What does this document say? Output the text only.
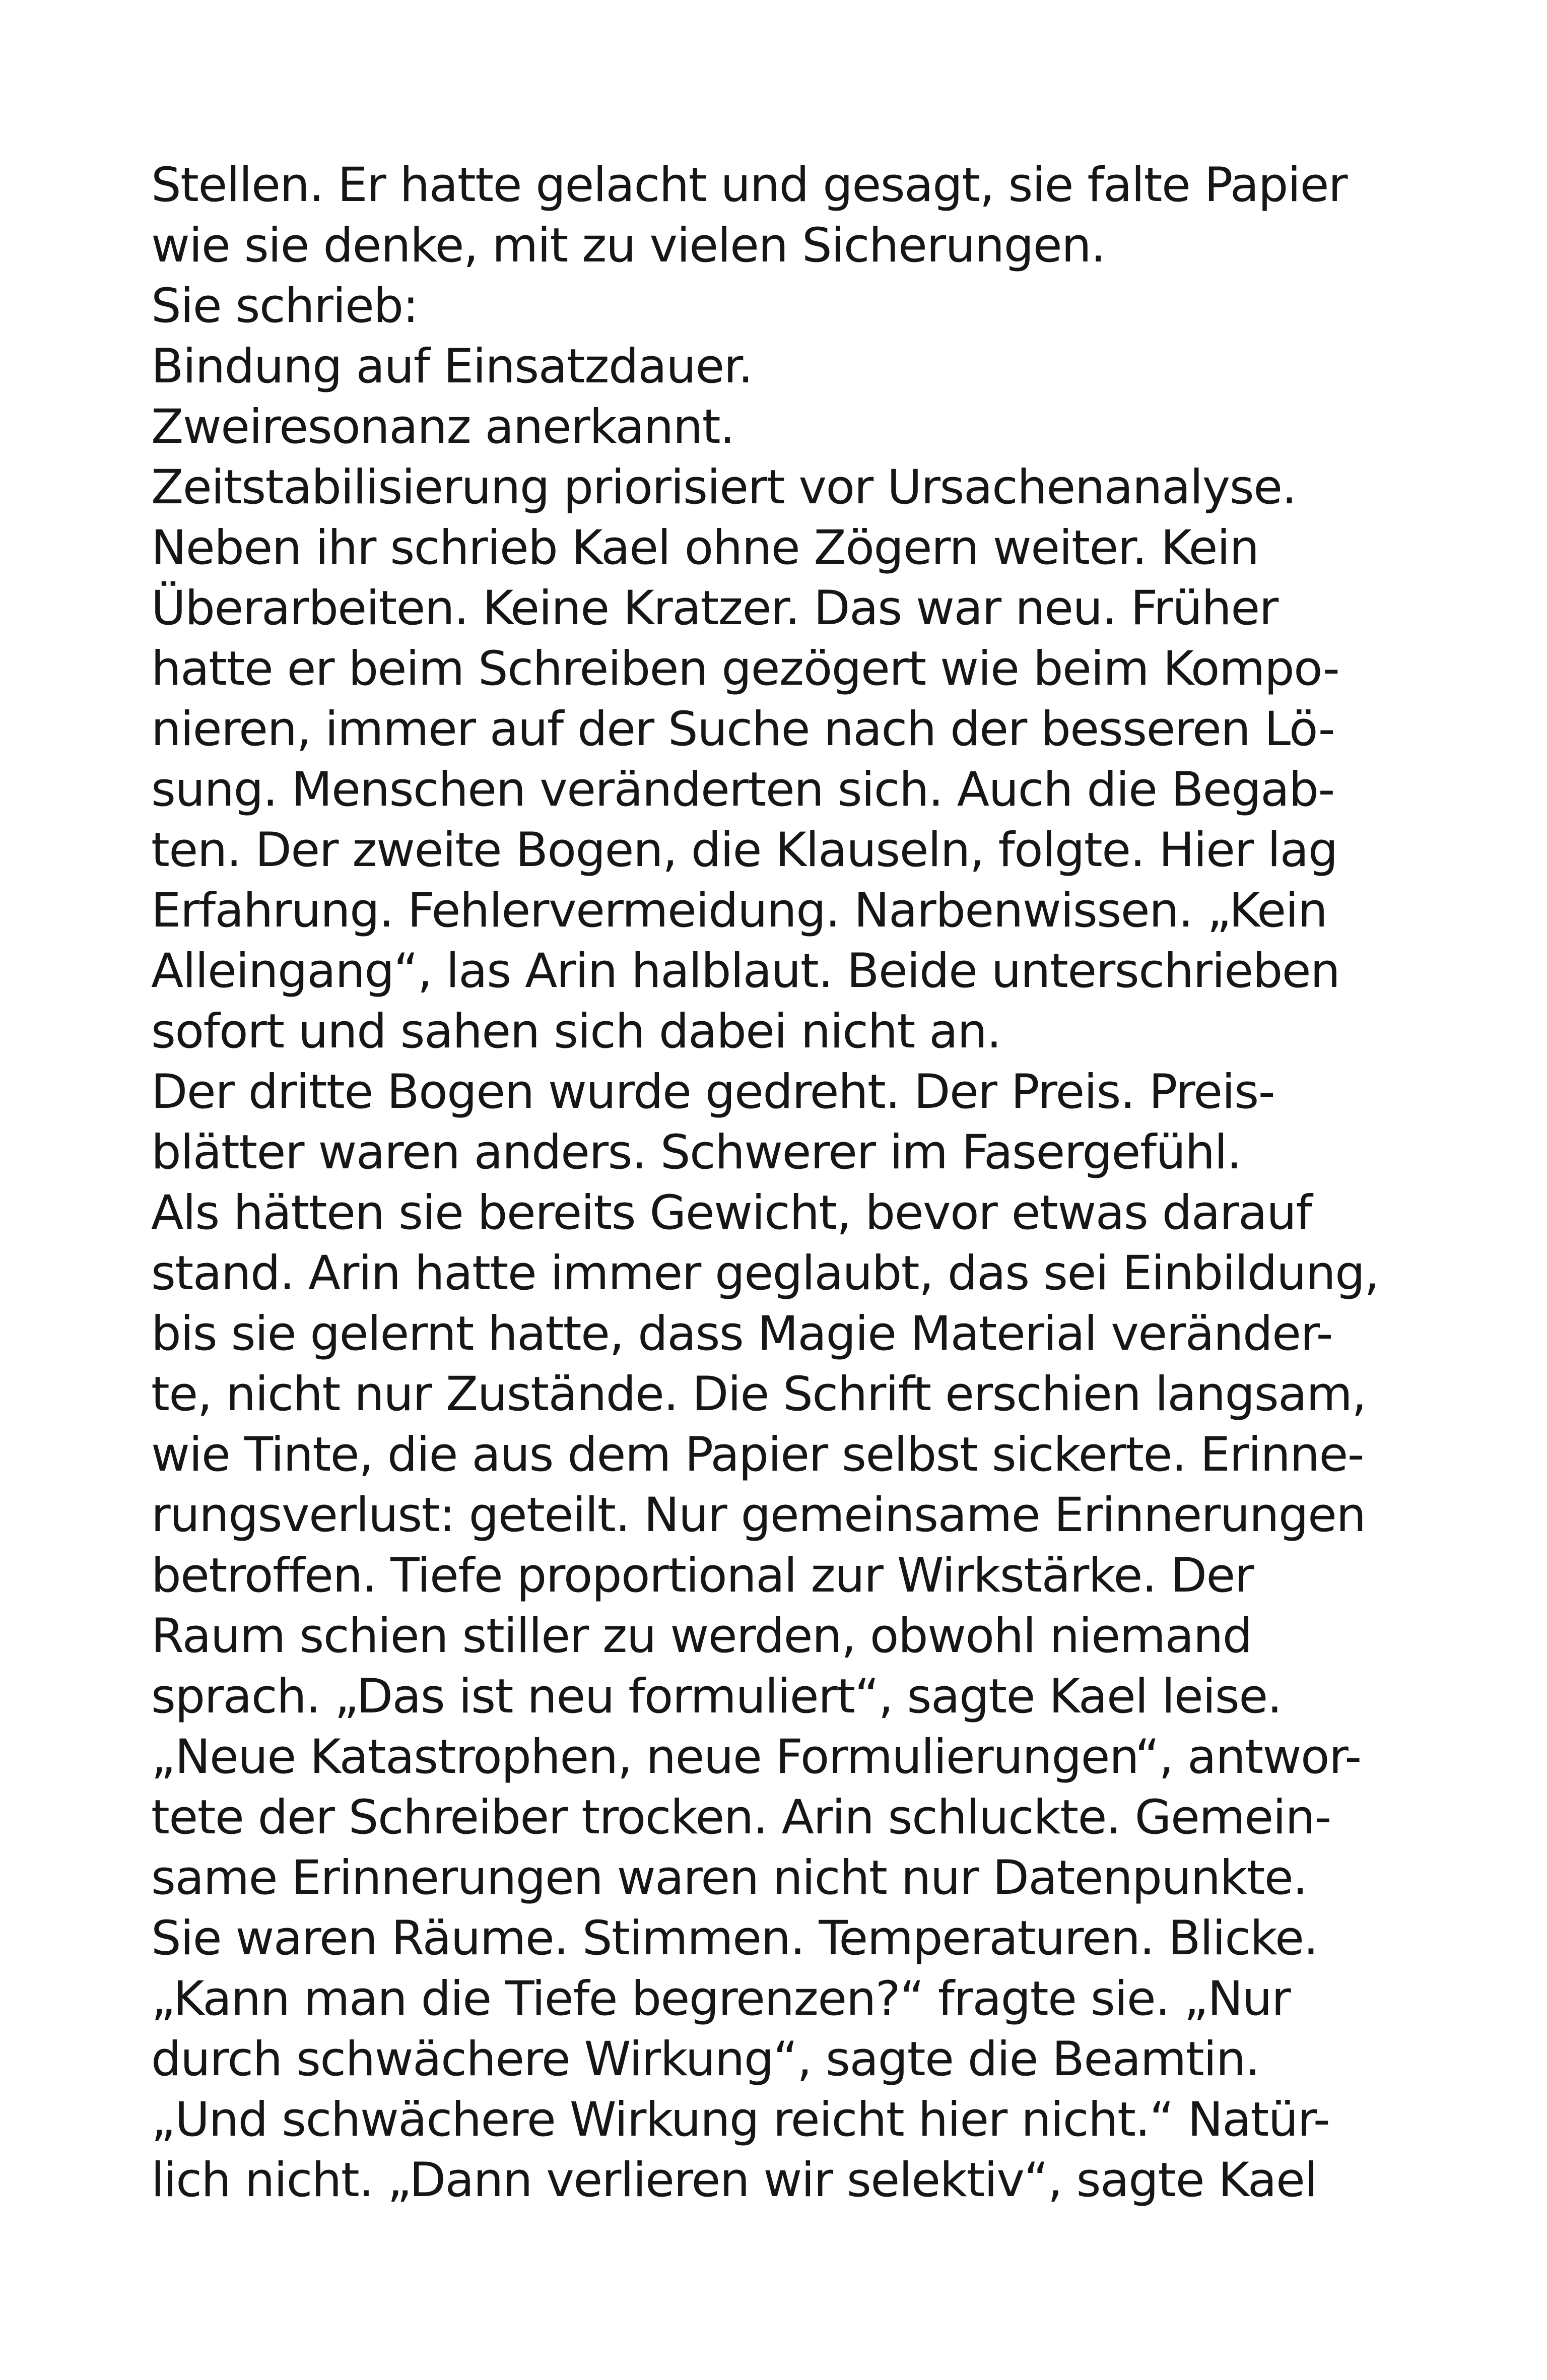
Stellen. Er hatte gelacht und gesagt, sie falte Papier
wie sie denke, mit zu vielen Sicherungen.
Sie schrieb:
Bindung auf Einsatzdauer.
Zweiresonanz anerkannt.
Zeitstabilisierung priorisiert vor Ursachenanalyse.
Neben ihr schrieb Kael ohne Zögern weiter. Kein
Überarbeiten. Keine Kratzer. Das war neu. Früher
hatte er beim Schreiben gezögert wie beim Kompo-
nieren, immer auf der Suche nach der besseren Lö-
sung. Menschen veränderten sich. Auch die Begab-
ten. Der zweite Bogen, die Klauseln, folgte. Hier lag
Erfahrung. Fehlervermeidung. Narbenwissen. „Kein
Alleingang“, las Arin halblaut. Beide unterschrieben
sofort und sahen sich dabei nicht an.
Der dritte Bogen wurde gedreht. Der Preis. Preis-
blätter waren anders. Schwerer im Fasergefühl.
Als hätten sie bereits Gewicht, bevor etwas darauf
stand. Arin hatte immer geglaubt, das sei Einbildung,
bis sie gelernt hatte, dass Magie Material veränder-
te, nicht nur Zustände. Die Schrift erschien langsam,
wie Tinte, die aus dem Papier selbst sickerte. Erinne-
rungsverlust: geteilt. Nur gemeinsame Erinnerungen
betroffen. Tiefe proportional zur Wirkstärke. Der
Raum schien stiller zu werden, obwohl niemand
sprach. „Das ist neu formuliert“, sagte Kael leise.
„Neue Katastrophen, neue Formulierungen“, antwor-
tete der Schreiber trocken. Arin schluckte. Gemein-
same Erinnerungen waren nicht nur Datenpunkte.
Sie waren Räume. Stimmen. Temperaturen. Blicke.
„Kann man die Tiefe begrenzen?“ fragte sie. „Nur
durch schwächere Wirkung“, sagte die Beamtin.
„Und schwächere Wirkung reicht hier nicht.“ Natür-
lich nicht. „Dann verlieren wir selektiv“, sagte Kael
